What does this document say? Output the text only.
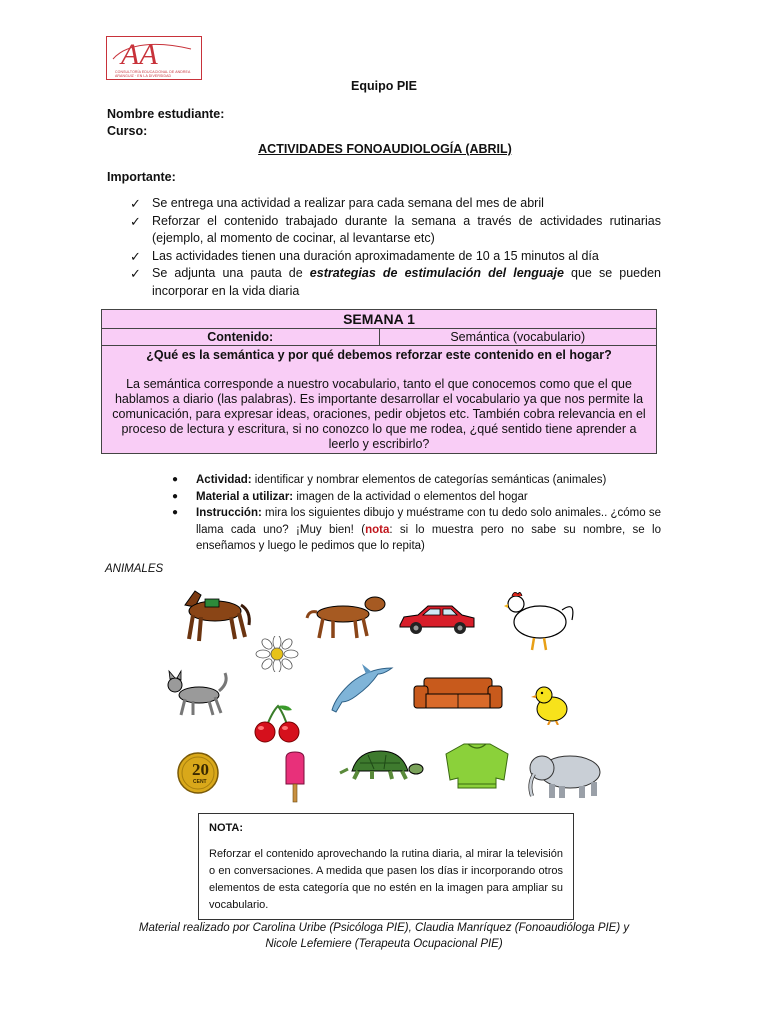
AA
CONSULTORÍA EDUCACIONAL DE ANDREA ARANGUIZ · EN LA DIVERSIDAD
Equipo PIE
Nombre estudiante:
Curso:
ACTIVIDADES FONOAUDIOLOGÍA (ABRIL)
Importante:
✓ Se entrega una actividad a realizar para cada semana del mes de abril
✓ Reforzar el contenido trabajado durante la semana a través de actividades rutinarias (ejemplo, al momento de cocinar, al levantarse etc)
✓ Las actividades tienen una duración aproximadamente de 10 a 15 minutos al día
✓ Se adjunta una pauta de estrategias de estimulación del lenguaje que se pueden incorporar en la vida diaria
SEMANA 1
Contenido:	Semántica (vocabulario)

¿Qué es la semántica y por qué debemos reforzar este contenido en el hogar?
La semántica corresponde a nuestro vocabulario, tanto el que conocemos como que el que hablamos a diario (las palabras). Es importante desarrollar el vocabulario ya que nos permite la comunicación, para expresar ideas, oraciones, pedir objetos etc. También cobra relevancia en el proceso de lectura y escritura, si no conozco lo que me rodea, ¿qué sentido tiene aprender a leerlo y escribirlo?
● Actividad: identificar y nombrar elementos de categorías semánticas (animales)
● Material a utilizar: imagen de la actividad o elementos del hogar
● Instrucción: mira los siguientes dibujo y muéstrame con tu dedo solo animales.. ¿cómo se llama cada uno? ¡Muy bien! (nota: si lo muestra pero no sabe su nombre, se lo enseñamos y luego le pedimos que lo repita)
ANIMALES
20
CENT
NOTA:
Reforzar el contenido aprovechando la rutina diaria, al mirar la televisión o en conversaciones. A medida que pasen los días ir incorporando otros elementos de esta categoría que no estén en la imagen para ampliar su vocabulario.
Material realizado por Carolina Uribe (Psicóloga PIE), Claudia Manríquez (Fonoaudióloga PIE) y
Nicole Lefemiere (Terapeuta Ocupacional PIE)
